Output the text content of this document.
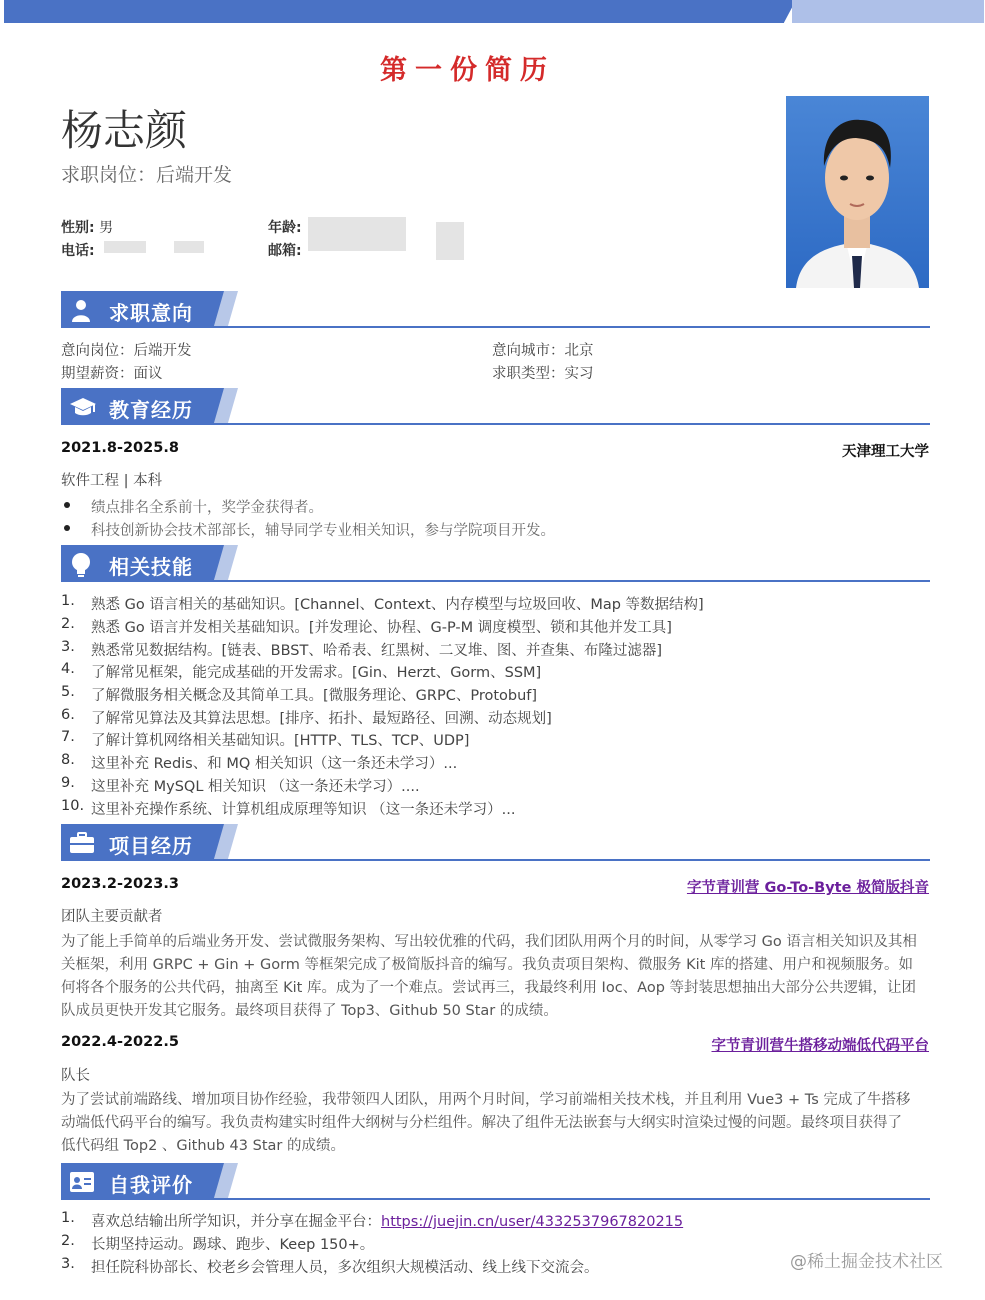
第一份简历
杨志颜
求职岗位：后端开发
性别: 男
电话:
年龄:
邮箱:
求职意向
意向岗位：后端开发
期望薪资：面议
意向城市：北京
求职类型：实习
教育经历
2021.8-2025.8	天津理工大学
软件工程 | 本科
绩点排名全系前十，奖学金获得者。
科技创新协会技术部部长，辅导同学专业相关知识，参与学院项目开发。
相关技能
1. 熟悉 Go 语言相关的基础知识。[Channel、Context、内存模型与垃圾回收、Map 等数据结构]
2. 熟悉 Go 语言并发相关基础知识。[并发理论、协程、G-P-M 调度模型、锁和其他并发工具]
3. 熟悉常见数据结构。[链表、BBST、哈希表、红黑树、二叉堆、图、并查集、布隆过滤器]
4. 了解常见框架，能完成基础的开发需求。[Gin、Herzt、Gorm、SSM]
5. 了解微服务相关概念及其简单工具。[微服务理论、GRPC、Protobuf]
6. 了解常见算法及其算法思想。[排序、拓扑、最短路径、回溯、动态规划]
7. 了解计算机网络相关基础知识。[HTTP、TLS、TCP、UDP]
8. 这里补充 Redis、和 MQ 相关知识（这一条还未学习）...
9. 这里补充 MySQL 相关知识 （这一条还未学习）....
10. 这里补充操作系统、计算机组成原理等知识 （这一条还未学习）...
项目经历
2023.2-2023.3	字节青训营 Go-To-Byte 极简版抖音
团队主要贡献者
为了能上手简单的后端业务开发、尝试微服务架构、写出较优雅的代码，我们团队用两个月的时间，从零学习 Go 语言相关知识及其相
关框架，利用 GRPC + Gin + Gorm 等框架完成了极简版抖音的编写。我负责项目架构、微服务 Kit 库的搭建、用户和视频服务。如
何将各个服务的公共代码，抽离至 Kit 库。成为了一个难点。尝试再三，我最终利用 Ioc、Aop 等封装思想抽出大部分公共逻辑，让团
队成员更快开发其它服务。最终项目获得了 Top3、Github 50 Star 的成绩。
2022.4-2022.5	字节青训营牛搭移动端低代码平台
队长
为了尝试前端路线、增加项目协作经验，我带领四人团队，用两个月时间，学习前端相关技术栈，并且利用 Vue3 + Ts 完成了牛搭移
动端低代码平台的编写。我负责构建实时组件大纲树与分栏组件。解决了组件无法嵌套与大纲实时渲染过慢的问题。最终项目获得了
低代码组 Top2 、Github 43 Star 的成绩。
自我评价
1. 喜欢总结输出所学知识，并分享在掘金平台：https://juejin.cn/user/4332537967820215
2. 长期坚持运动。踢球、跑步、Keep 150+。
3. 担任院科协部长、校老乡会管理人员，多次组织大规模活动、线上线下交流会。	@稀土掘金技术社区
